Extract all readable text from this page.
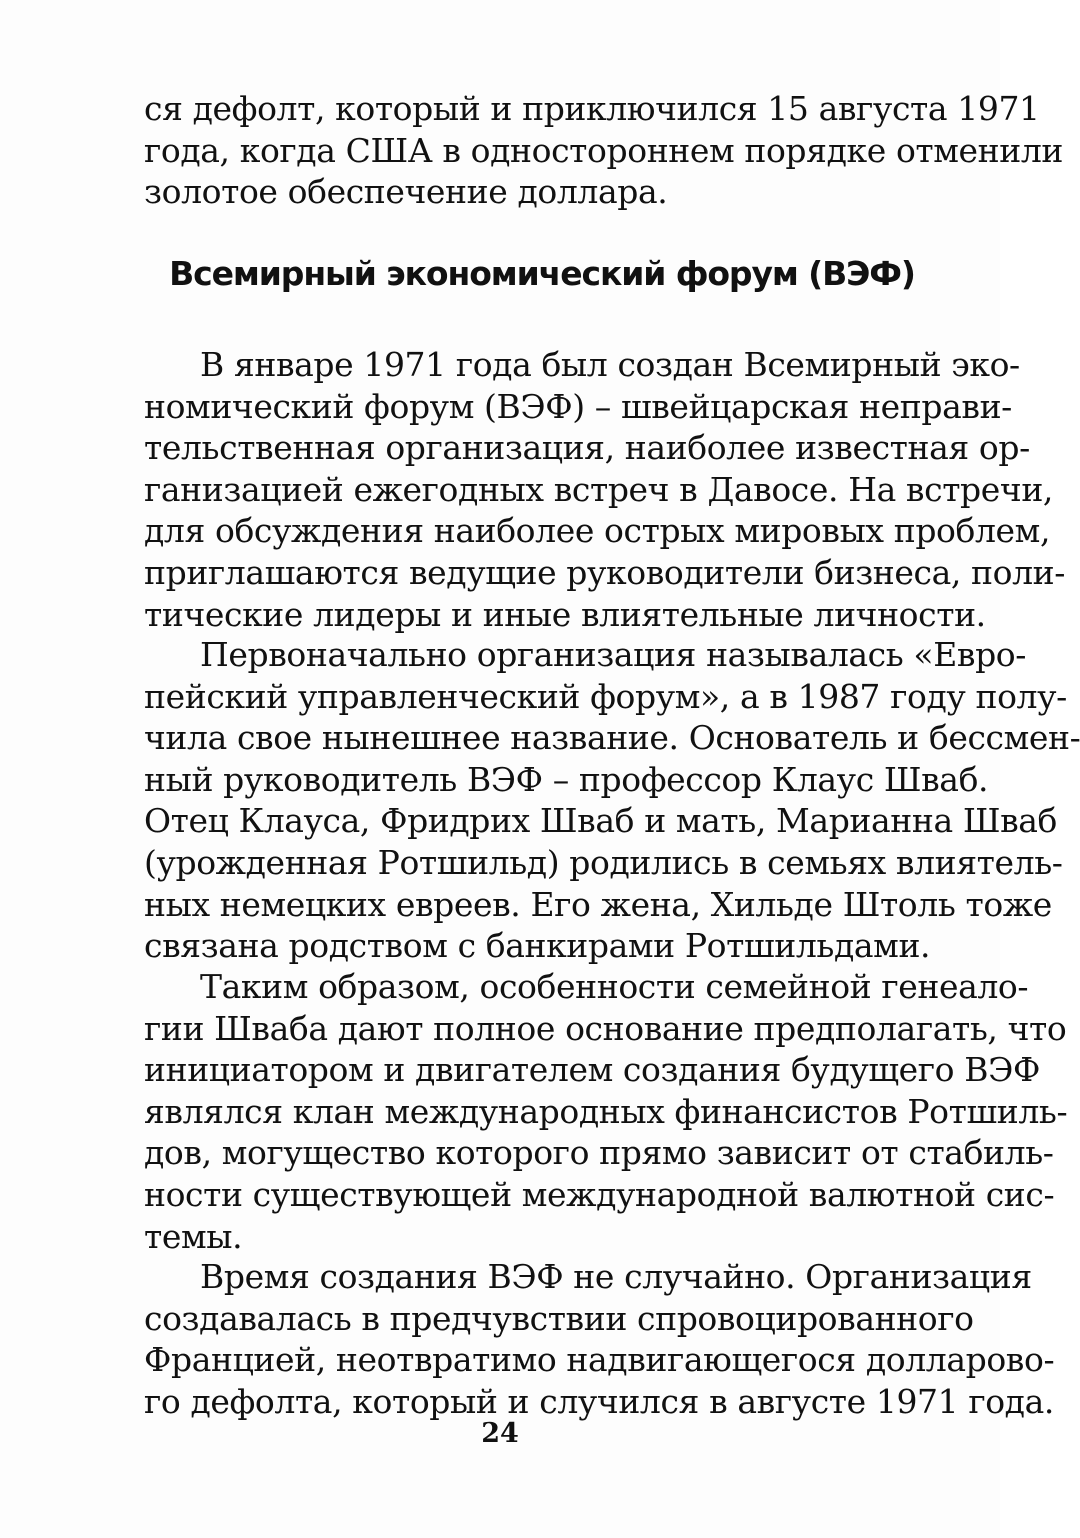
ся дефолт, который и приключился 15 августа 1971
года, когда США в одностороннем порядке отменили
золотое обеспечение доллара.
Всемирный экономический форум (ВЭФ)
В январе 1971 года был создан Всемирный эко-
номический форум (ВЭФ) – швейцарская неправи-
тельственная организация, наиболее известная ор-
ганизацией ежегодных встреч в Давосе. На встречи,
для обсуждения наиболее острых мировых проблем,
приглашаются ведущие руководители бизнеса, поли-
тические лидеры и иные влиятельные личности.
Первоначально организация называлась «Евро-
пейский управленческий форум», а в 1987 году полу-
чила свое нынешнее название. Основатель и бессмен-
ный руководитель ВЭФ – профессор Клаус Шваб.
Отец Клауса, Фридрих Шваб и мать, Марианна Шваб
(урожденная Ротшильд) родились в семьях влиятель-
ных немецких евреев. Его жена, Хильде Штоль тоже
связана родством с банкирами Ротшильдами.
Таким образом, особенности семейной генеало-
гии Шваба дают полное основание предполагать, что
инициатором и двигателем создания будущего ВЭФ
являлся клан международных финансистов Ротшиль-
дов, могущество которого прямо зависит от стабиль-
ности существующей международной валютной сис-
темы.
Время создания ВЭФ не случайно. Организация
создавалась в предчувствии спровоцированного
Францией, неотвратимо надвигающегося долларово-
го дефолта, который и случился в августе 1971 года.
24
